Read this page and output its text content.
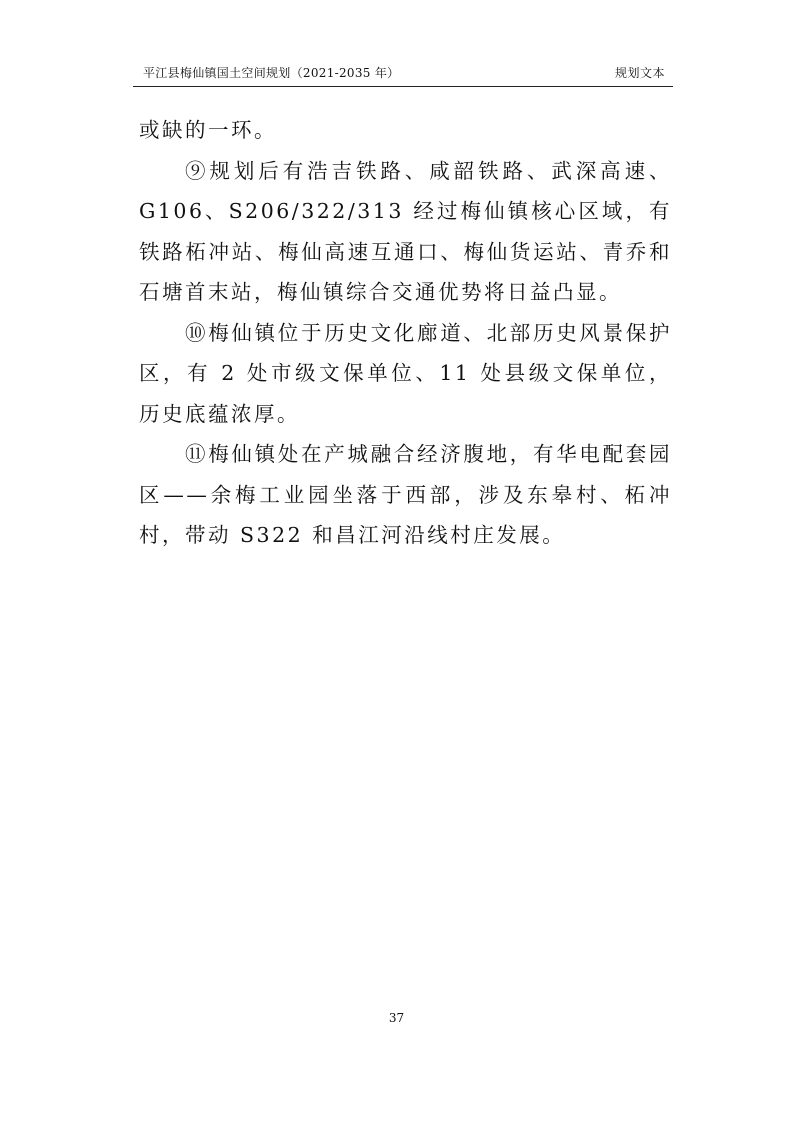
平江县梅仙镇国土空间规划（2021-2035 年）	规划文本

或缺的一环。

⑨规划后有浩吉铁路、咸韶铁路、武深高速、G106、S206/322/313 经过梅仙镇核心区域，有铁路柘冲站、梅仙高速互通口、梅仙货运站、青乔和石塘首末站，梅仙镇综合交通优势将日益凸显。

⑩梅仙镇位于历史文化廊道、北部历史风景保护区，有 2 处市级文保单位、11 处县级文保单位，历史底蕴浓厚。

⑪梅仙镇处在产城融合经济腹地，有华电配套园区——余梅工业园坐落于西部，涉及东皋村、柘冲村，带动 S322 和昌江河沿线村庄发展。

37
